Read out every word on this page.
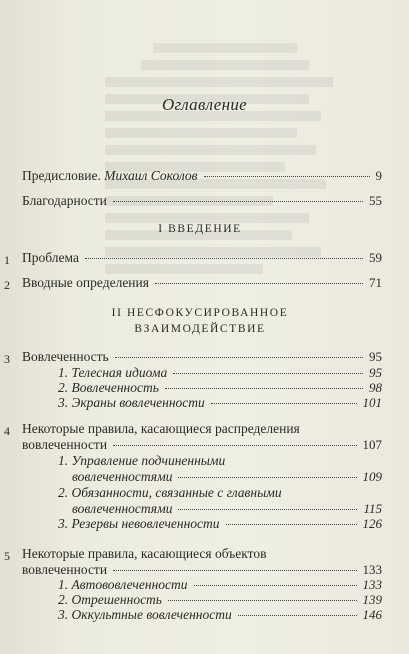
Оглавление
Предисловие. Михаил Соколов	9
Благодарности	55
I ВВЕДЕНИЕ
1 Проблема	59
2 Вводные определения	71
II НЕСФОКУСИРОВАННОЕ
ВЗАИМОДЕЙСТВИЕ
3 Вовлеченность	95
1. Телесная идиома	95
2. Вовлеченность	98
3. Экраны вовлеченности	101
4 Некоторые правила, касающиеся распределения
вовлеченности	107
1. Управление подчиненными
вовлеченностями	109
2. Обязанности, связанные с главными
вовлеченностями	115
3. Резервы невовлеченности	126
5 Некоторые правила, касающиеся объектов
вовлеченности	133
1. Автововлеченности	133
2. Отрешенность	139
3. Оккультные вовлеченности	146
